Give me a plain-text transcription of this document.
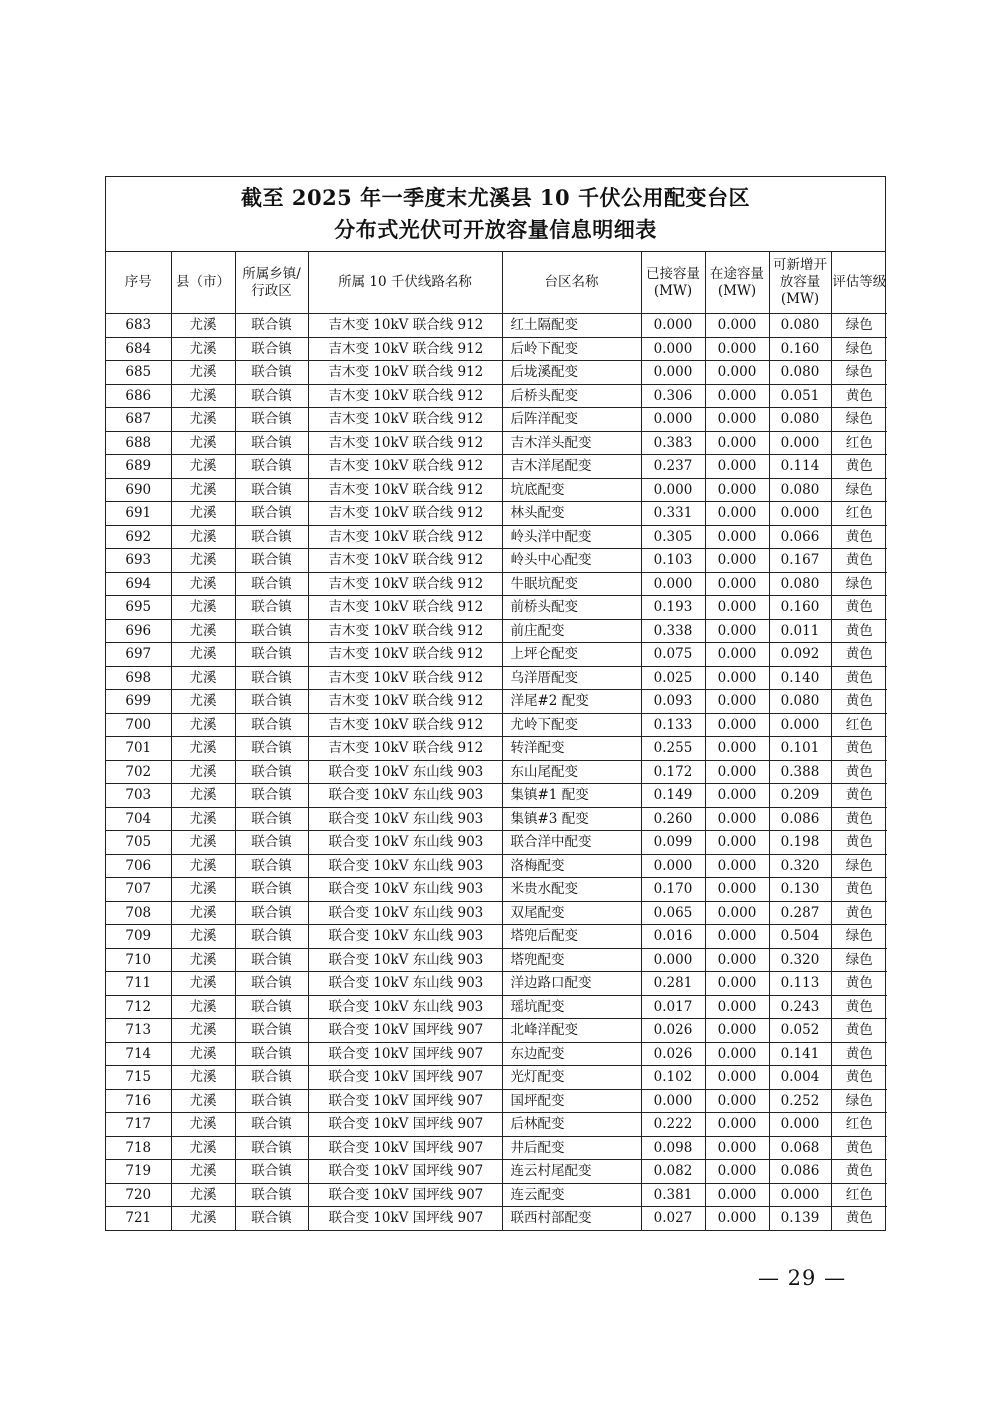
截至 2025 年一季度末尤溪县 10 千伏公用配变台区
分布式光伏可开放容量信息明细表
序号	县（市）	所属乡镇/行政区	所属 10 千伏线路名称	台区名称	已接容量(MW)	在途容量(MW)	可新增开放容量(MW)	评估等级
683	尤溪	联合镇	吉木变 10kV 联合线 912	红土隔配变	0.000	0.000	0.080	绿色
684	尤溪	联合镇	吉木变 10kV 联合线 912	后岭下配变	0.000	0.000	0.160	绿色
685	尤溪	联合镇	吉木变 10kV 联合线 912	后垅溪配变	0.000	0.000	0.080	绿色
686	尤溪	联合镇	吉木变 10kV 联合线 912	后桥头配变	0.306	0.000	0.051	黄色
687	尤溪	联合镇	吉木变 10kV 联合线 912	后阵洋配变	0.000	0.000	0.080	绿色
688	尤溪	联合镇	吉木变 10kV 联合线 912	吉木洋头配变	0.383	0.000	0.000	红色
689	尤溪	联合镇	吉木变 10kV 联合线 912	吉木洋尾配变	0.237	0.000	0.114	黄色
690	尤溪	联合镇	吉木变 10kV 联合线 912	坑底配变	0.000	0.000	0.080	绿色
691	尤溪	联合镇	吉木变 10kV 联合线 912	林头配变	0.331	0.000	0.000	红色
692	尤溪	联合镇	吉木变 10kV 联合线 912	岭头洋中配变	0.305	0.000	0.066	黄色
693	尤溪	联合镇	吉木变 10kV 联合线 912	岭头中心配变	0.103	0.000	0.167	黄色
694	尤溪	联合镇	吉木变 10kV 联合线 912	牛眠坑配变	0.000	0.000	0.080	绿色
695	尤溪	联合镇	吉木变 10kV 联合线 912	前桥头配变	0.193	0.000	0.160	黄色
696	尤溪	联合镇	吉木变 10kV 联合线 912	前庄配变	0.338	0.000	0.011	黄色
697	尤溪	联合镇	吉木变 10kV 联合线 912	上坪仑配变	0.075	0.000	0.092	黄色
698	尤溪	联合镇	吉木变 10kV 联合线 912	乌洋厝配变	0.025	0.000	0.140	黄色
699	尤溪	联合镇	吉木变 10kV 联合线 912	洋尾#2 配变	0.093	0.000	0.080	黄色
700	尤溪	联合镇	吉木变 10kV 联合线 912	尤岭下配变	0.133	0.000	0.000	红色
701	尤溪	联合镇	吉木变 10kV 联合线 912	转洋配变	0.255	0.000	0.101	黄色
702	尤溪	联合镇	联合变 10kV 东山线 903	东山尾配变	0.172	0.000	0.388	黄色
703	尤溪	联合镇	联合变 10kV 东山线 903	集镇#1 配变	0.149	0.000	0.209	黄色
704	尤溪	联合镇	联合变 10kV 东山线 903	集镇#3 配变	0.260	0.000	0.086	黄色
705	尤溪	联合镇	联合变 10kV 东山线 903	联合洋中配变	0.099	0.000	0.198	黄色
706	尤溪	联合镇	联合变 10kV 东山线 903	洛梅配变	0.000	0.000	0.320	绿色
707	尤溪	联合镇	联合变 10kV 东山线 903	米贵水配变	0.170	0.000	0.130	黄色
708	尤溪	联合镇	联合变 10kV 东山线 903	双尾配变	0.065	0.000	0.287	黄色
709	尤溪	联合镇	联合变 10kV 东山线 903	塔兜后配变	0.016	0.000	0.504	绿色
710	尤溪	联合镇	联合变 10kV 东山线 903	塔兜配变	0.000	0.000	0.320	绿色
711	尤溪	联合镇	联合变 10kV 东山线 903	洋边路口配变	0.281	0.000	0.113	黄色
712	尤溪	联合镇	联合变 10kV 东山线 903	瑶坑配变	0.017	0.000	0.243	黄色
713	尤溪	联合镇	联合变 10kV 国坪线 907	北峰洋配变	0.026	0.000	0.052	黄色
714	尤溪	联合镇	联合变 10kV 国坪线 907	东边配变	0.026	0.000	0.141	黄色
715	尤溪	联合镇	联合变 10kV 国坪线 907	光灯配变	0.102	0.000	0.004	黄色
716	尤溪	联合镇	联合变 10kV 国坪线 907	国坪配变	0.000	0.000	0.252	绿色
717	尤溪	联合镇	联合变 10kV 国坪线 907	后林配变	0.222	0.000	0.000	红色
718	尤溪	联合镇	联合变 10kV 国坪线 907	井后配变	0.098	0.000	0.068	黄色
719	尤溪	联合镇	联合变 10kV 国坪线 907	连云村尾配变	0.082	0.000	0.086	黄色
720	尤溪	联合镇	联合变 10kV 国坪线 907	连云配变	0.381	0.000	0.000	红色
721	尤溪	联合镇	联合变 10kV 国坪线 907	联西村部配变	0.027	0.000	0.139	黄色
— 29 —
